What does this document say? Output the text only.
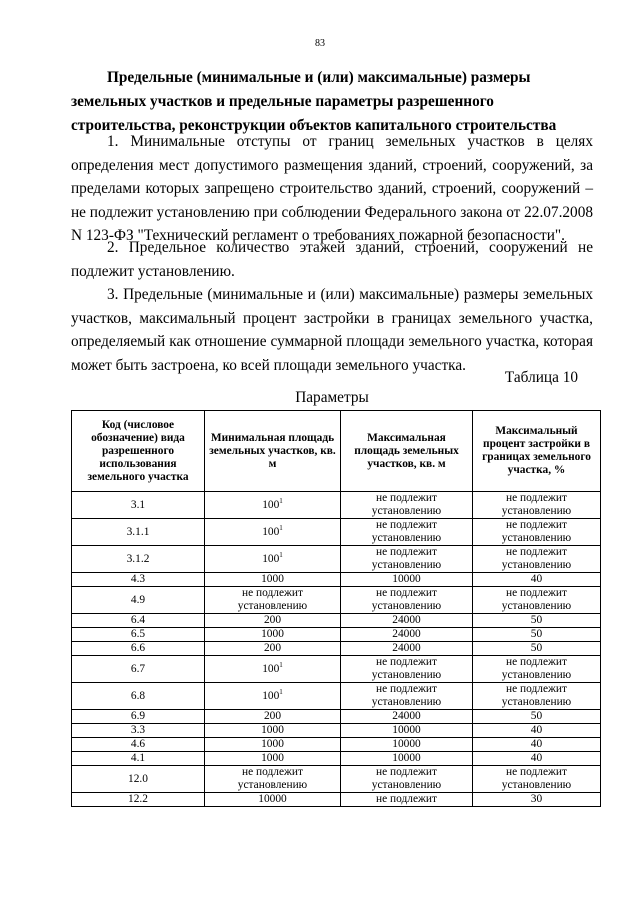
83
Предельные (минимальные и (или) максимальные) размеры
земельных участков и предельные параметры разрешенного
строительства, реконструкции объектов капитального строительства

1. Минимальные отступы от границ земельных участков в целях определения мест допустимого размещения зданий, строений, сооружений, за пределами которых запрещено строительство зданий, строений, сооружений – не подлежит установлению при соблюдении Федерального закона от 22.07.2008 N 123-ФЗ "Технический регламент о требованиях пожарной безопасности".

2. Предельное количество этажей зданий, строений, сооружений не подлежит установлению.

3. Предельные (минимальные и (или) максимальные) размеры земельных участков, максимальный процент застройки в границах земельного участка, определяемый как отношение суммарной площади земельного участка, которая может быть застроена, ко всей площади земельного участка.

Таблица 10
Параметры
Код (числовое обозначение) вида разрешенного использования земельного участка	Минимальная площадь земельных участков, кв. м	Максимальная площадь земельных участков, кв. м	Максимальный процент застройки в границах земельного участка, %
3.1	$100^1$	не подлежит установлению	не подлежит установлению
3.1.1	$100^1$	не подлежит установлению	не подлежит установлению
3.1.2	$100^1$	не подлежит установлению	не подлежит установлению
4.3	1000	10000	40
4.9	не подлежит установлению	не подлежит установлению	не подлежит установлению
6.4	200	24000	50
6.5	1000	24000	50
6.6	200	24000	50
6.7	$100^1$	не подлежит установлению	не подлежит установлению
6.8	$100^1$	не подлежит установлению	не подлежит установлению
6.9	200	24000	50
3.3	1000	10000	40
4.6	1000	10000	40
4.1	1000	10000	40
12.0	не подлежит установлению	не подлежит установлению	не подлежит установлению
12.2	10000	не подлежит	30
